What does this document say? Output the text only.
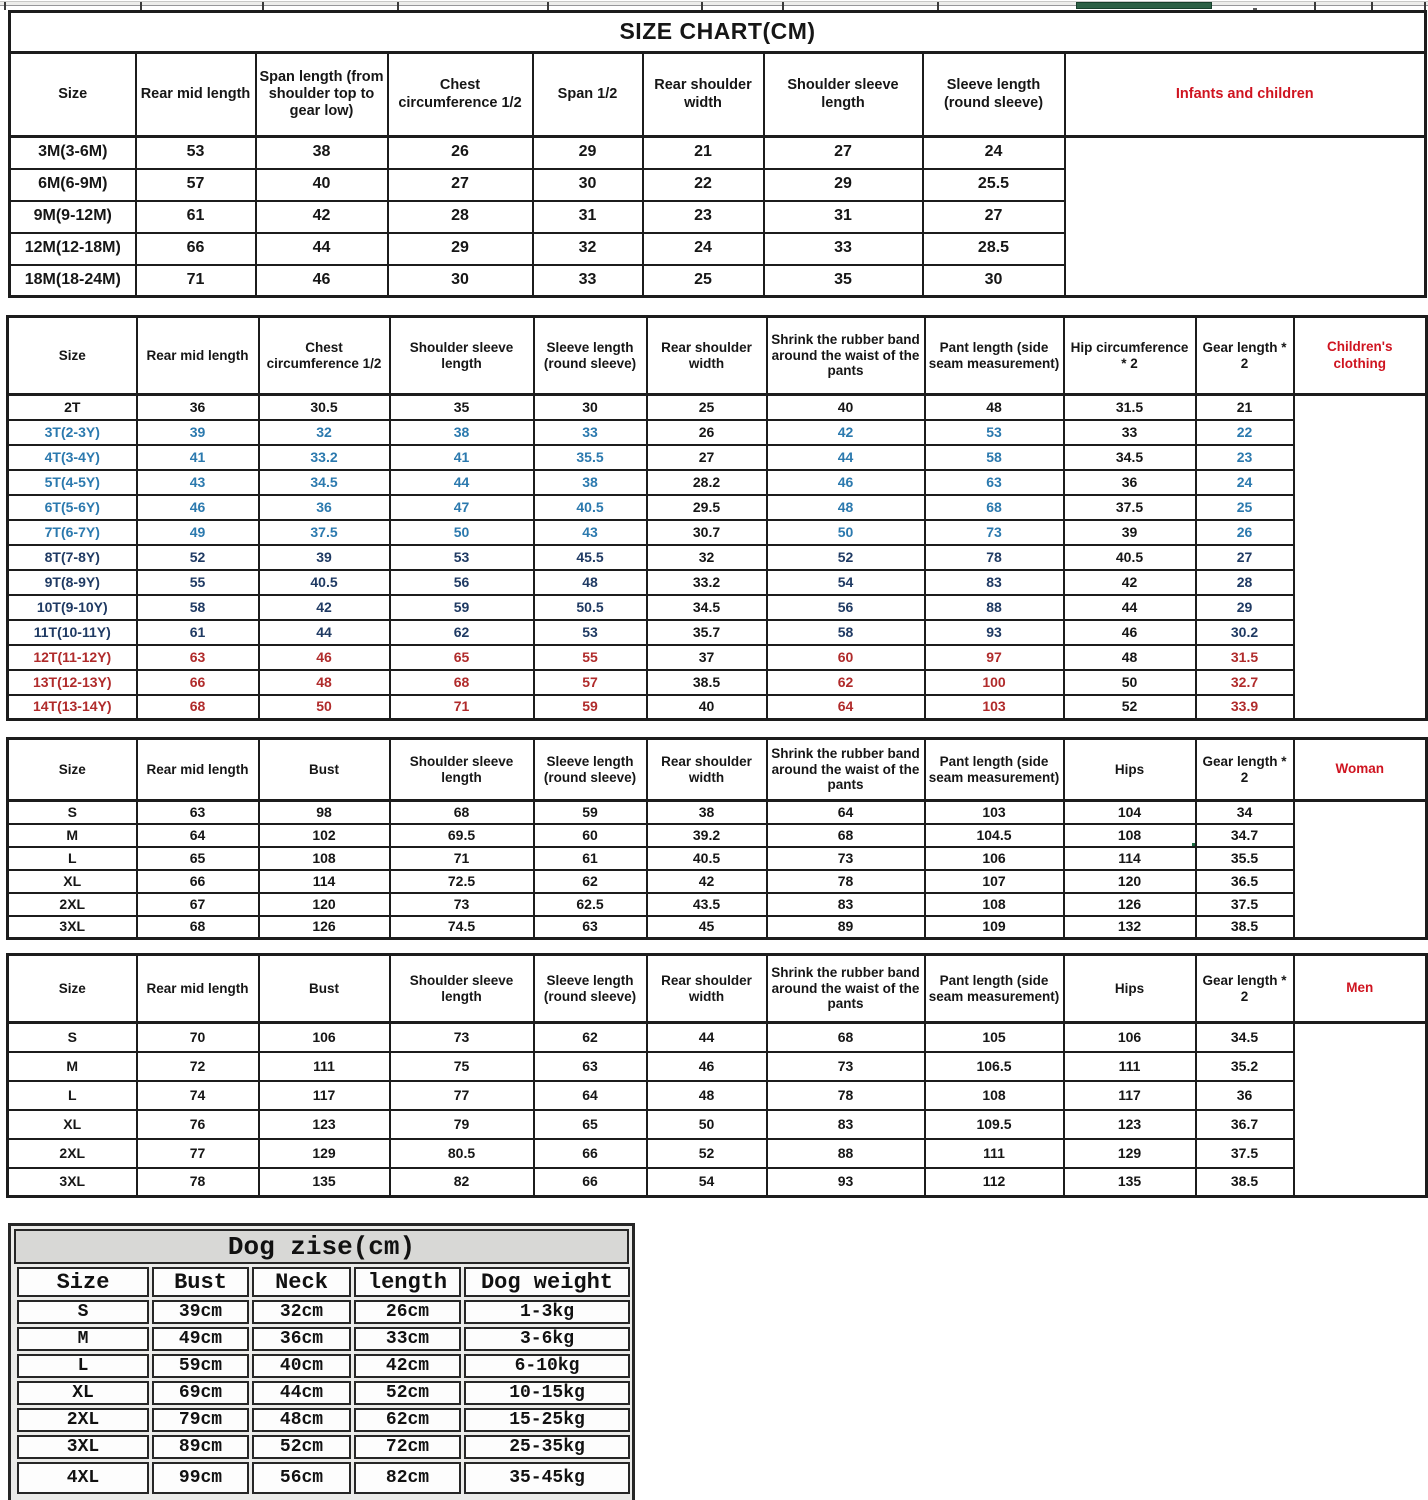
SIZE CHART(CM)								
Size	Rear mid length	Span length (from shoulder top to gear low)	Chest circumference 1/2	Span 1/2	Rear shoulder width	Shoulder sleeve length	Sleeve length (round sleeve)	Infants and children
3M(3-6M)	53	38	26	29	21	27	24	
6M(6-9M)	57	40	27	30	22	29	25.5	
9M(9-12M)	61	42	28	31	23	31	27	
12M(12-18M)	66	44	29	32	24	33	28.5	
18M(18-24M)	71	46	30	33	25	35	30	
Size	Rear mid length	Chest circumference 1/2	Shoulder sleeve length	Sleeve length (round sleeve)	Rear shoulder width	Shrink the rubber band around the waist of the pants	Pant length (side seam measurement)	Hip circumference * 2	Gear length * 2	Children's clothing
2T	36	30.5	35	30	25	40	48	31.5	21	
3T(2-3Y)	39	32	38	33	26	42	53	33	22	
4T(3-4Y)	41	33.2	41	35.5	27	44	58	34.5	23	
5T(4-5Y)	43	34.5	44	38	28.2	46	63	36	24	
6T(5-6Y)	46	36	47	40.5	29.5	48	68	37.5	25	
7T(6-7Y)	49	37.5	50	43	30.7	50	73	39	26	
8T(7-8Y)	52	39	53	45.5	32	52	78	40.5	27	
9T(8-9Y)	55	40.5	56	48	33.2	54	83	42	28	
10T(9-10Y)	58	42	59	50.5	34.5	56	88	44	29	
11T(10-11Y)	61	44	62	53	35.7	58	93	46	30.2	
12T(11-12Y)	63	46	65	55	37	60	97	48	31.5	
13T(12-13Y)	66	48	68	57	38.5	62	100	50	32.7	
14T(13-14Y)	68	50	71	59	40	64	103	52	33.9	
Size	Rear mid length	Bust	Shoulder sleeve length	Sleeve length (round sleeve)	Rear shoulder width	Shrink the rubber band around the waist of the pants	Pant length (side seam measurement)	Hips	Gear length * 2	Woman
S	63	98	68	59	38	64	103	104	34	
M	64	102	69.5	60	39.2	68	104.5	108	34.7	
L	65	108	71	61	40.5	73	106	114	35.5	
XL	66	114	72.5	62	42	78	107	120	36.5	
2XL	67	120	73	62.5	43.5	83	108	126	37.5	
3XL	68	126	74.5	63	45	89	109	132	38.5	
Size	Rear mid length	Bust	Shoulder sleeve length	Sleeve length (round sleeve)	Rear shoulder width	Shrink the rubber band around the waist of the pants	Pant length (side seam measurement)	Hips	Gear length * 2	Men
S	70	106	73	62	44	68	105	106	34.5	
M	72	111	75	63	46	73	106.5	111	35.2	
L	74	117	77	64	48	78	108	117	36	
XL	76	123	79	65	50	83	109.5	123	36.7	
2XL	77	129	80.5	66	52	88	111	129	37.5	
3XL	78	135	82	66	54	93	112	135	38.5	
Dog zise(cm)
Size	Bust	Neck	length	Dog weight
S	39cm	32cm	26cm	1-3kg
M	49cm	36cm	33cm	3-6kg
L	59cm	40cm	42cm	6-10kg
XL	69cm	44cm	52cm	10-15kg
2XL	79cm	48cm	62cm	15-25kg
3XL	89cm	52cm	72cm	25-35kg
4XL	99cm	56cm	82cm	35-45kg
